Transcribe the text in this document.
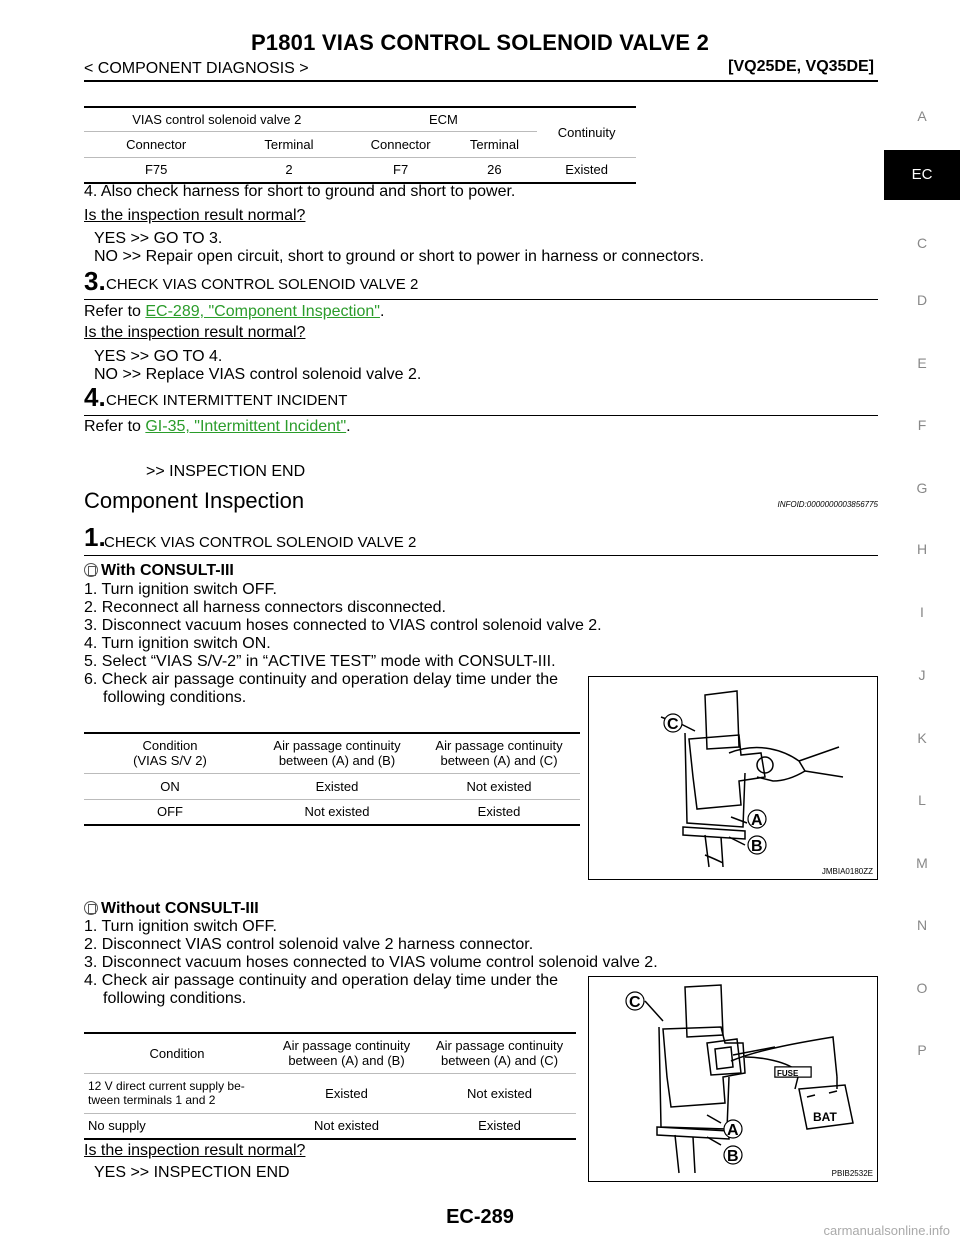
P1801 VIAS CONTROL SOLENOID VALVE 2
< COMPONENT DIAGNOSIS >	[VQ25DE, VQ35DE]
A
EC
C
D
E
F
G
H
I
J
K
L
M
N
O
P
VIAS control solenoid valve 2		ECM		Continuity
Connector	Terminal	Connector	Terminal	
F75	2	F7	26	Existed
4. Also check harness for short to ground and short to power.
Is the inspection result normal?
YES >> GO TO 3.
NO >> Repair open circuit, short to ground or short to power in harness or connectors.
3. CHECK VIAS CONTROL SOLENOID VALVE 2
Refer to EC-289, "Component Inspection".
Is the inspection result normal?
YES >> GO TO 4.
NO >> Replace VIAS control solenoid valve 2.
4. CHECK INTERMITTENT INCIDENT
Refer to GI-35, "Intermittent Incident".
>> INSPECTION END
Component Inspection	INFOID:0000000003856775
1.
CHECK VIAS CONTROL SOLENOID VALVE 2
With CONSULT-III
1. Turn ignition switch OFF.
2. Reconnect all harness connectors disconnected.
3. Disconnect vacuum hoses connected to VIAS control solenoid valve 2.
4. Turn ignition switch ON.
5. Select “VIAS S/V-2” in “ACTIVE TEST” mode with CONSULT-III.
6. Check air passage continuity and operation delay time under the
following conditions.
Condition
(VIAS S/V 2)	Air passage continuity
between (A) and (B)	Air passage continuity
between (A) and (C)
ON	Existed	Not existed
OFF	Not existed	Existed
C
A
B
JMBIA0180ZZ
Without CONSULT-III
1. Turn ignition switch OFF.
2. Disconnect VIAS control solenoid valve 2 harness connector.
3. Disconnect vacuum hoses connected to VIAS volume control solenoid valve 2.
4. Check air passage continuity and operation delay time under the
following conditions.
Condition	Air passage continuity
between (A) and (B)	Air passage continuity
between (A) and (C)
12 V direct current supply be-
tween terminals 1 and 2	Existed	Not existed
No supply	Not existed	Existed
Is the inspection result normal?
YES >> INSPECTION END
FUSE
BAT
C
A
B
PBIB2532E
EC-289
carmanualsonline.info
